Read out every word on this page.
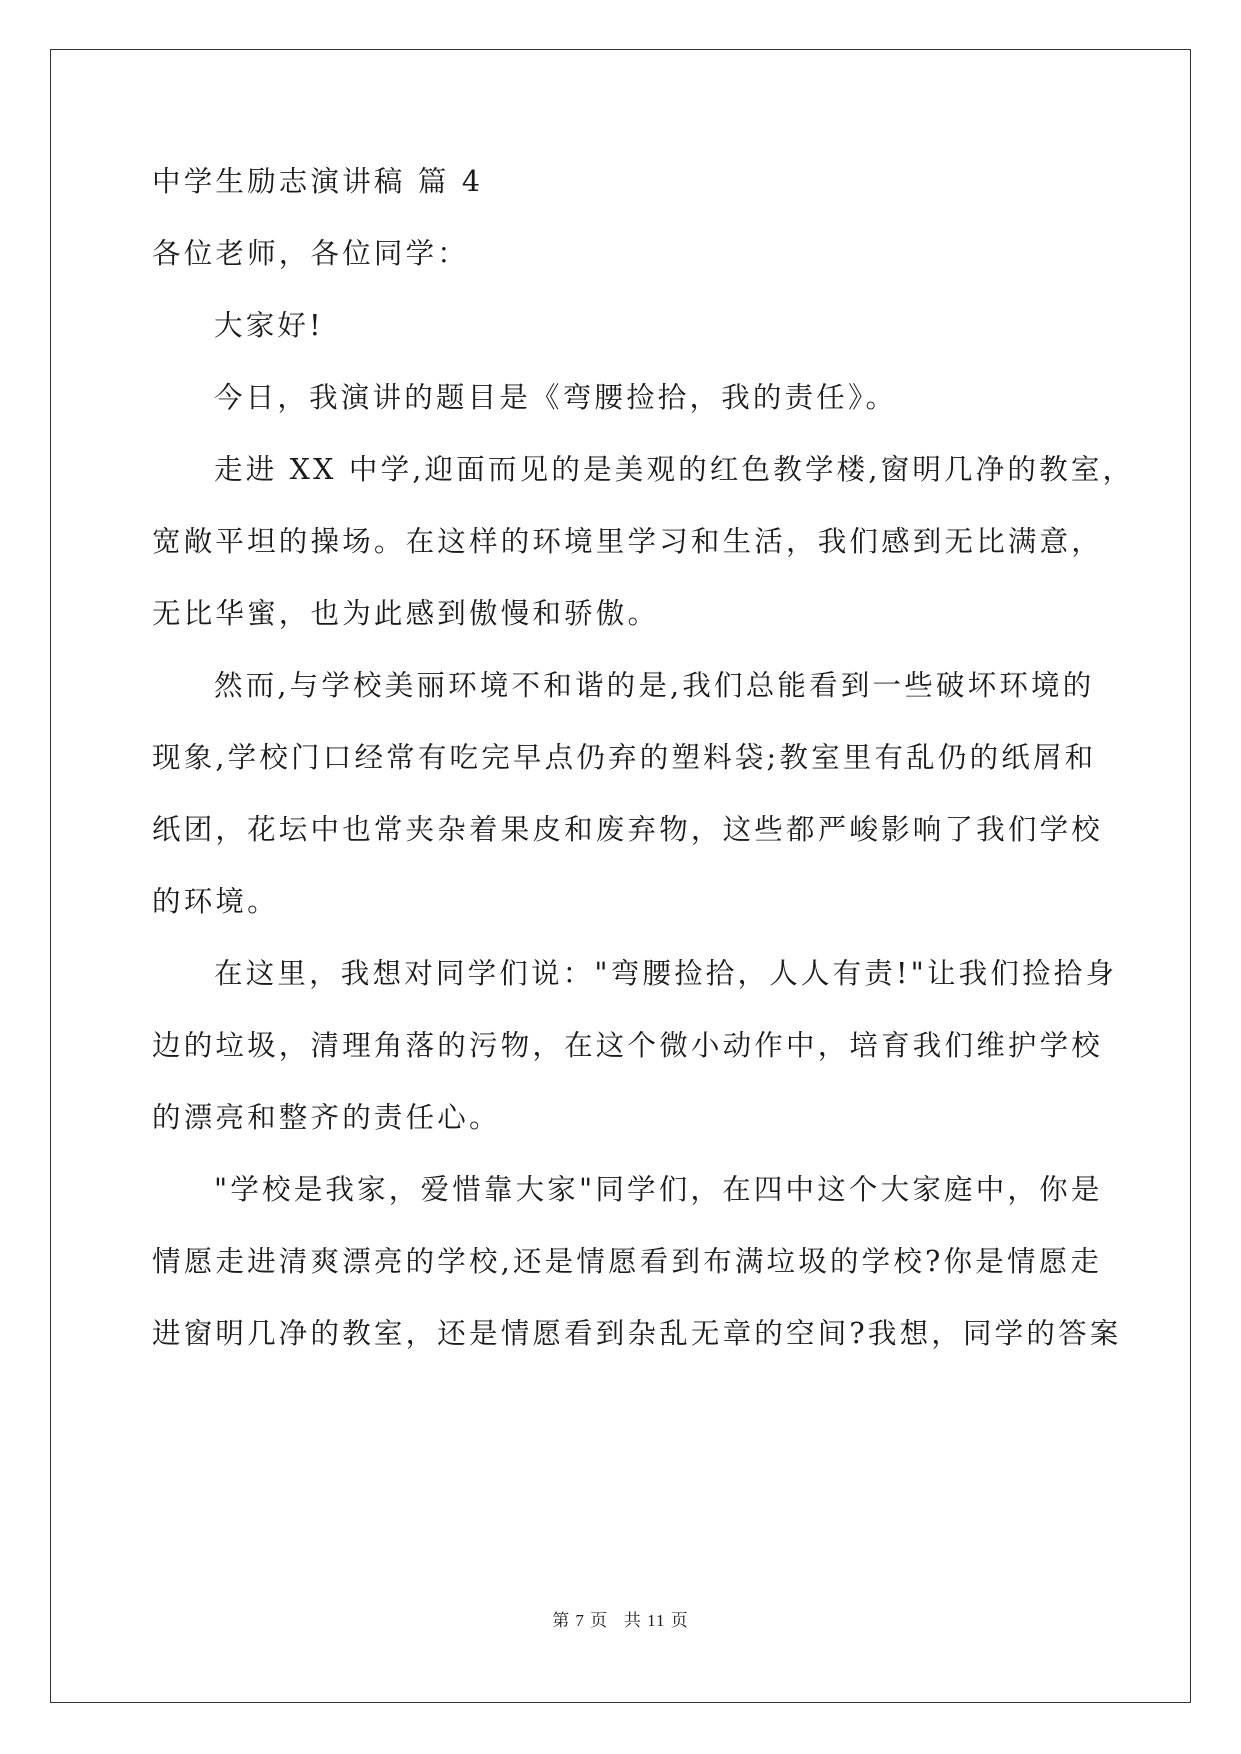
中学生励志演讲稿 篇 4
各位老师，各位同学：
大家好!
今日，我演讲的题目是《弯腰捡拾，我的责任》。
走进 XX 中学,迎面而见的是美观的红色教学楼,窗明几净的教室，
宽敞平坦的操场。在这样的环境里学习和生活，我们感到无比满意，
无比华蜜，也为此感到傲慢和骄傲。
然而,与学校美丽环境不和谐的是,我们总能看到一些破坏环境的
现象,学校门口经常有吃完早点仍弃的塑料袋;教室里有乱仍的纸屑和
纸团，花坛中也常夹杂着果皮和废弃物，这些都严峻影响了我们学校
的环境。
在这里，我想对同学们说："弯腰捡拾，人人有责!"让我们捡拾身
边的垃圾，清理角落的污物，在这个微小动作中，培育我们维护学校
的漂亮和整齐的责任心。
"学校是我家，爱惜靠大家"同学们，在四中这个大家庭中，你是
情愿走进清爽漂亮的学校,还是情愿看到布满垃圾的学校?你是情愿走
进窗明几净的教室，还是情愿看到杂乱无章的空间?我想，同学的答案
第 7 页   共 11 页
